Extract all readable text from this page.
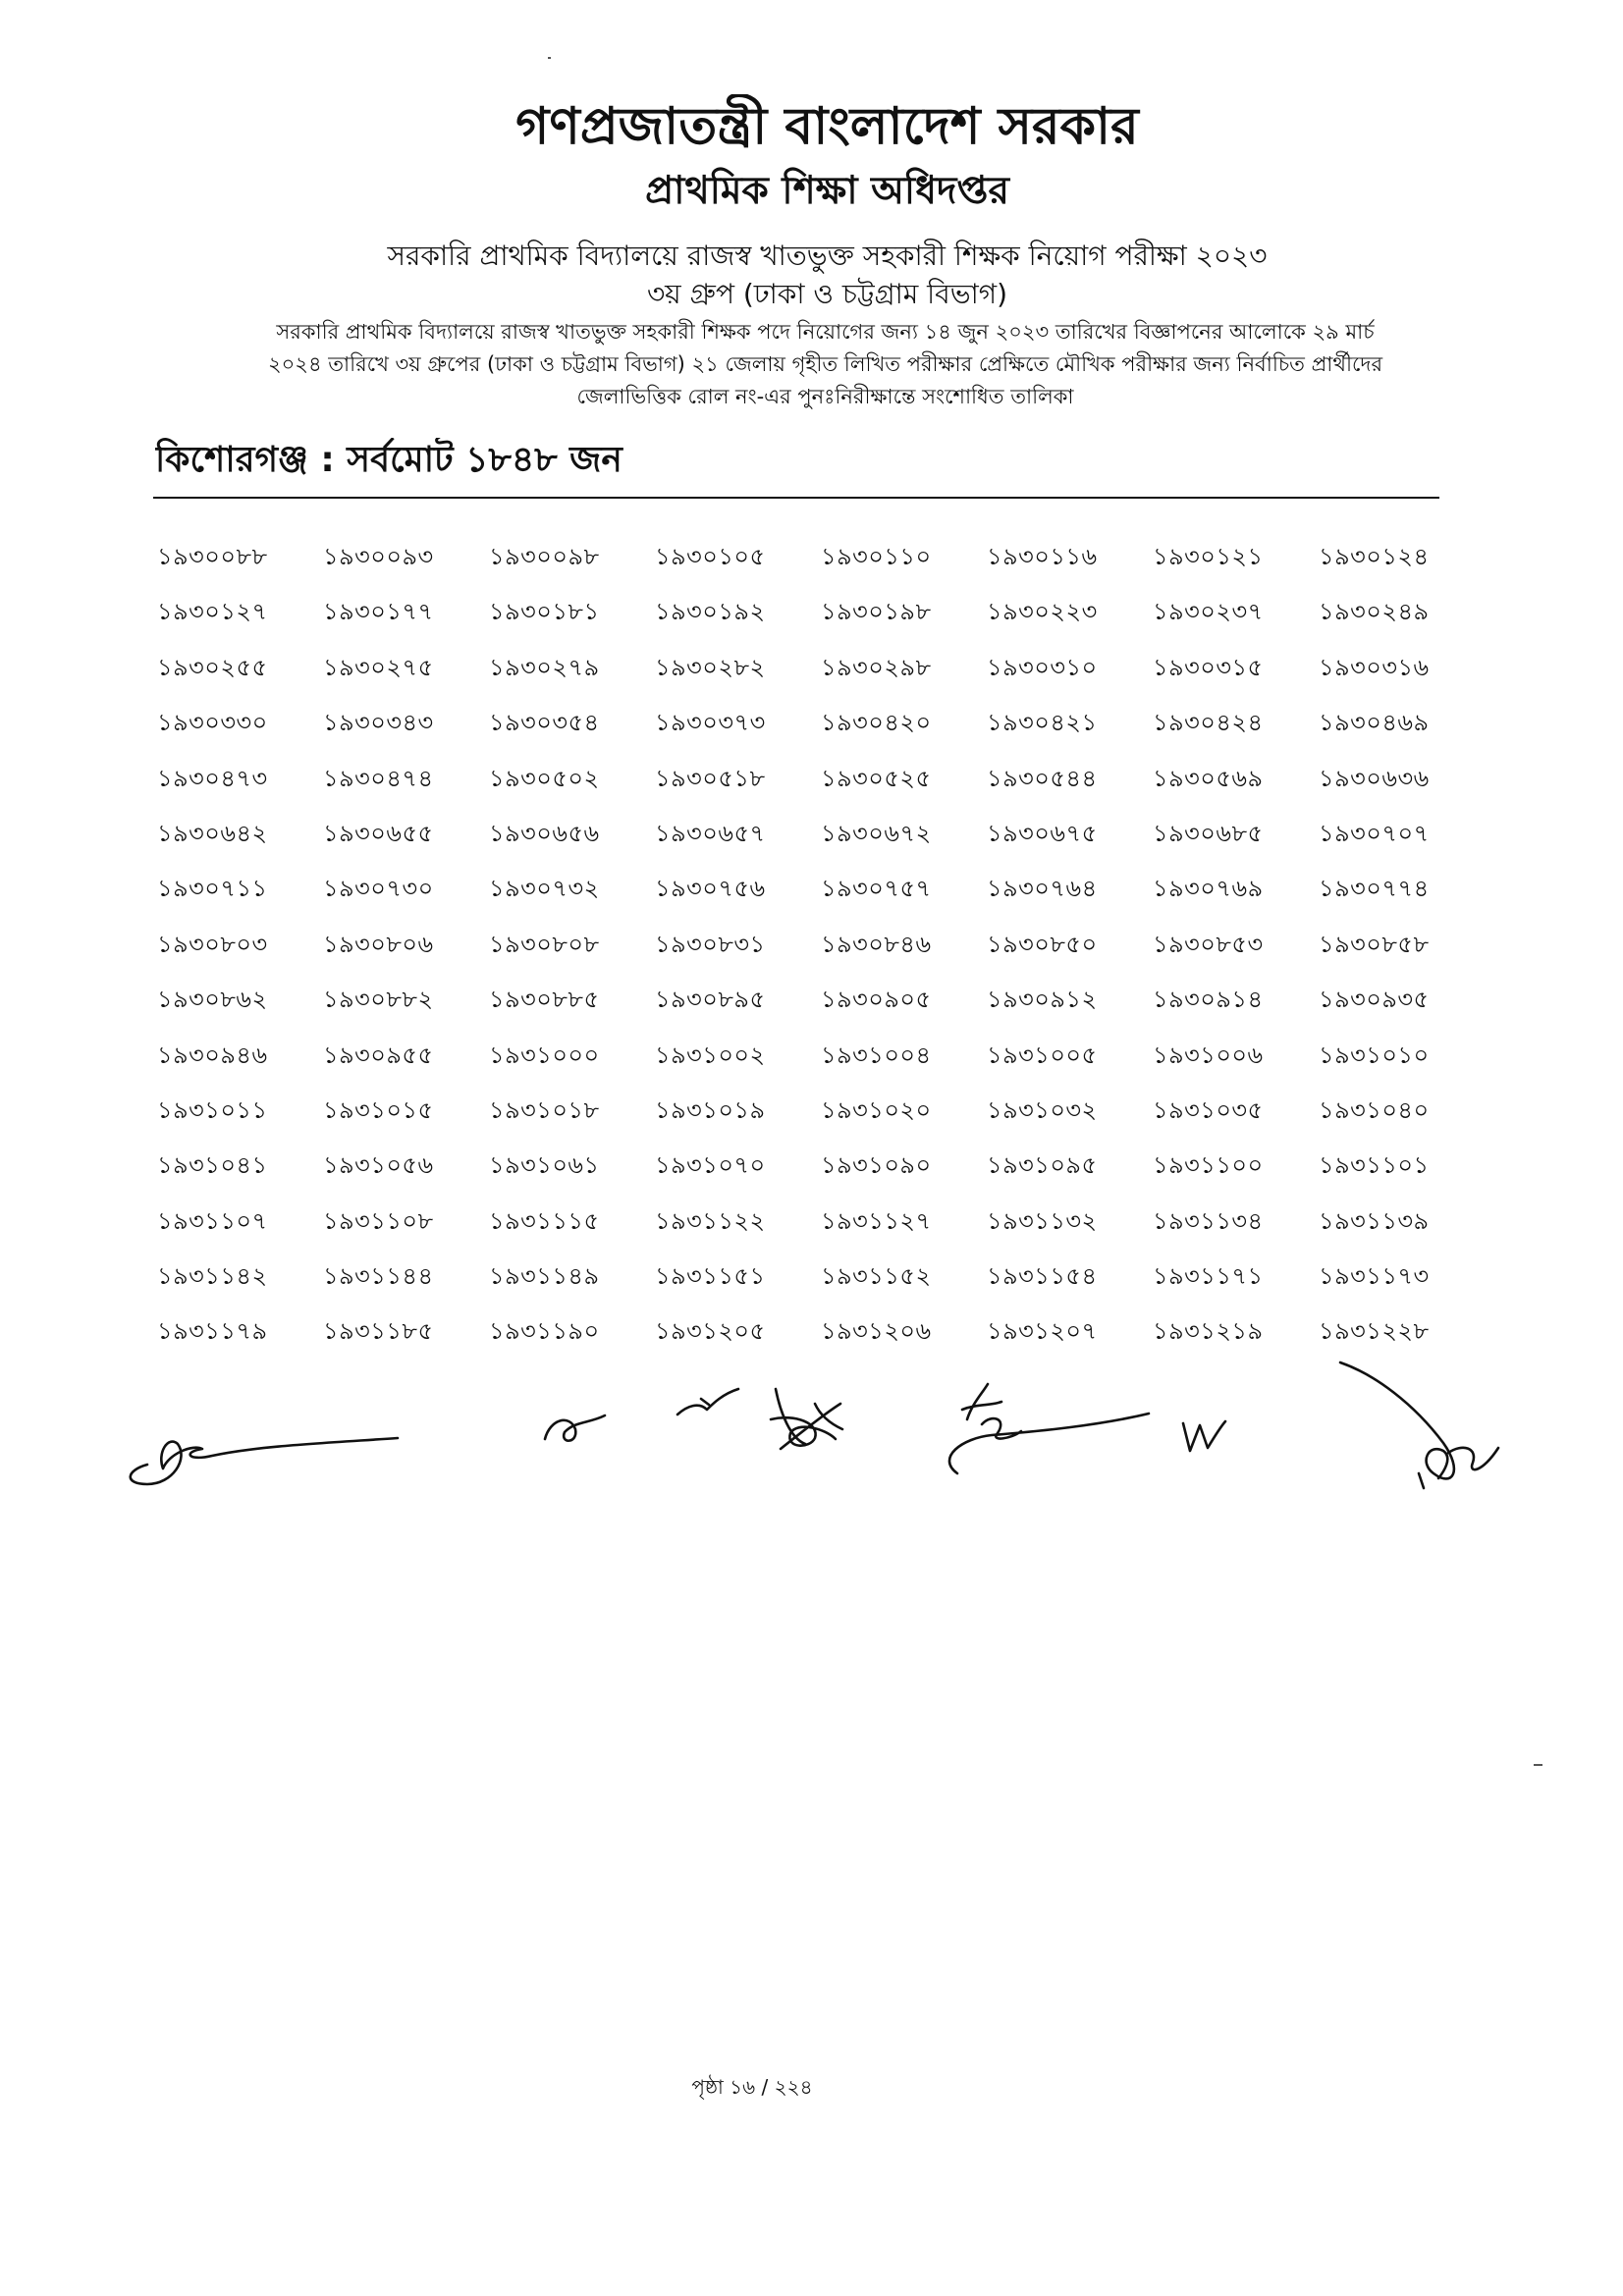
গণপ্রজাতন্ত্রী বাংলাদেশ সরকার
প্রাথমিক শিক্ষা অধিদপ্তর
সরকারি প্রাথমিক বিদ্যালয়ে রাজস্ব খাতভুক্ত সহকারী শিক্ষক নিয়োগ পরীক্ষা ২০২৩
৩য় গ্রুপ (ঢাকা ও চট্টগ্রাম বিভাগ)
সরকারি প্রাথমিক বিদ্যালয়ে রাজস্ব খাতভুক্ত সহকারী শিক্ষক পদে নিয়োগের জন্য ১৪ জুন ২০২৩ তারিখের বিজ্ঞাপনের আলোকে ২৯ মার্চ
২০২৪ তারিখে ৩য় গ্রুপের (ঢাকা ও চট্টগ্রাম বিভাগ) ২১ জেলায় গৃহীত লিখিত পরীক্ষার প্রেক্ষিতে মৌখিক পরীক্ষার জন্য নির্বাচিত প্রার্থীদের
জেলাভিত্তিক রোল নং-এর পুনঃনিরীক্ষান্তে সংশোধিত তালিকা
কিশোরগঞ্জ : সর্বমোট ১৮৪৮ জন
১৯৩০০৮৮	১৯৩০০৯৩	১৯৩০০৯৮	১৯৩০১০৫	১৯৩০১১০	১৯৩০১১৬	১৯৩০১২১	১৯৩০১২৪
১৯৩০১২৭	১৯৩০১৭৭	১৯৩০১৮১	১৯৩০১৯২	১৯৩০১৯৮	১৯৩০২২৩	১৯৩০২৩৭	১৯৩০২৪৯
১৯৩০২৫৫	১৯৩০২৭৫	১৯৩০২৭৯	১৯৩০২৮২	১৯৩০২৯৮	১৯৩০৩১০	১৯৩০৩১৫	১৯৩০৩১৬
১৯৩০৩৩০	১৯৩০৩৪৩	১৯৩০৩৫৪	১৯৩০৩৭৩	১৯৩০৪২০	১৯৩০৪২১	১৯৩০৪২৪	১৯৩০৪৬৯
১৯৩০৪৭৩	১৯৩০৪৭৪	১৯৩০৫০২	১৯৩০৫১৮	১৯৩০৫২৫	১৯৩০৫৪৪	১৯৩০৫৬৯	১৯৩০৬৩৬
১৯৩০৬৪২	১৯৩০৬৫৫	১৯৩০৬৫৬	১৯৩০৬৫৭	১৯৩০৬৭২	১৯৩০৬৭৫	১৯৩০৬৮৫	১৯৩০৭০৭
১৯৩০৭১১	১৯৩০৭৩০	১৯৩০৭৩২	১৯৩০৭৫৬	১৯৩০৭৫৭	১৯৩০৭৬৪	১৯৩০৭৬৯	১৯৩০৭৭৪
১৯৩০৮০৩	১৯৩০৮০৬	১৯৩০৮০৮	১৯৩০৮৩১	১৯৩০৮৪৬	১৯৩০৮৫০	১৯৩০৮৫৩	১৯৩০৮৫৮
১৯৩০৮৬২	১৯৩০৮৮২	১৯৩০৮৮৫	১৯৩০৮৯৫	১৯৩০৯০৫	১৯৩০৯১২	১৯৩০৯১৪	১৯৩০৯৩৫
১৯৩০৯৪৬	১৯৩০৯৫৫	১৯৩১০০০	১৯৩১০০২	১৯৩১০০৪	১৯৩১০০৫	১৯৩১০০৬	১৯৩১০১০
১৯৩১০১১	১৯৩১০১৫	১৯৩১০১৮	১৯৩১০১৯	১৯৩১০২০	১৯৩১০৩২	১৯৩১০৩৫	১৯৩১০৪০
১৯৩১০৪১	১৯৩১০৫৬	১৯৩১০৬১	১৯৩১০৭০	১৯৩১০৯০	১৯৩১০৯৫	১৯৩১১০০	১৯৩১১০১
১৯৩১১০৭	১৯৩১১০৮	১৯৩১১১৫	১৯৩১১২২	১৯৩১১২৭	১৯৩১১৩২	১৯৩১১৩৪	১৯৩১১৩৯
১৯৩১১৪২	১৯৩১১৪৪	১৯৩১১৪৯	১৯৩১১৫১	১৯৩১১৫২	১৯৩১১৫৪	১৯৩১১৭১	১৯৩১১৭৩
১৯৩১১৭৯	১৯৩১১৮৫	১৯৩১১৯০	১৯৩১২০৫	১৯৩১২০৬	১৯৩১২০৭	১৯৩১২১৯	১৯৩১২২৮
পৃষ্ঠা ১৬ / ২২৪
